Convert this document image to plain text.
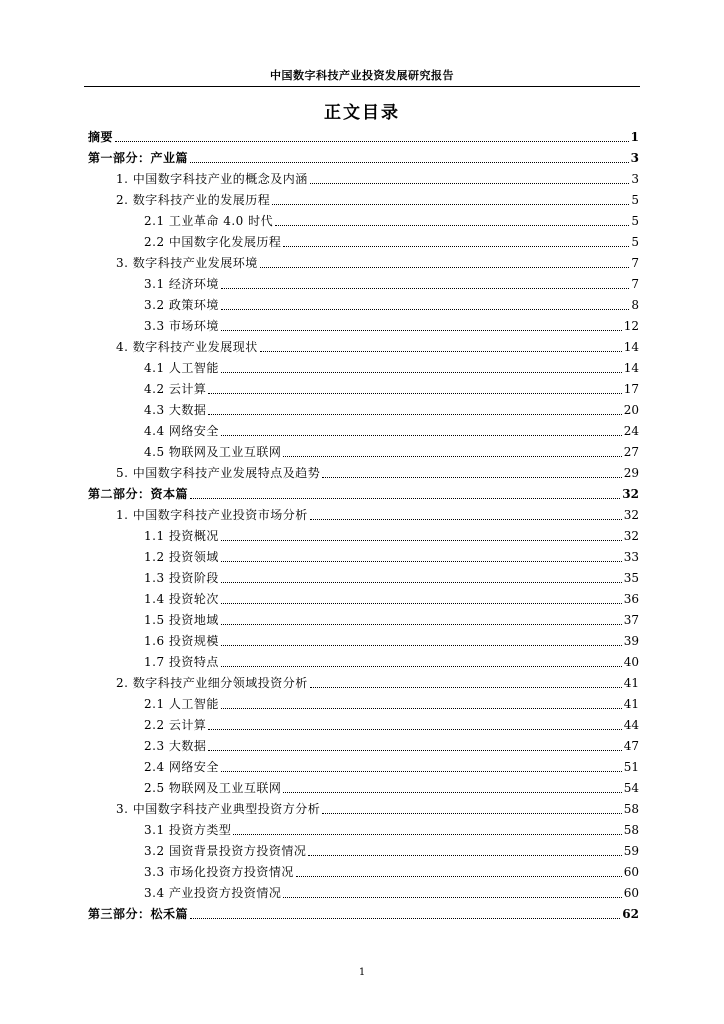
中国数字科技产业投资发展研究报告
正文目录
摘要	1
第一部分：产业篇	3
1. 中国数字科技产业的概念及内涵	3
2. 数字科技产业的发展历程	5
2.1 工业革命 4.0 时代	5
2.2 中国数字化发展历程	5
3. 数字科技产业发展环境	7
3.1 经济环境	7
3.2 政策环境	8
3.3 市场环境	12
4. 数字科技产业发展现状	14
4.1 人工智能	14
4.2 云计算	17
4.3 大数据	20
4.4 网络安全	24
4.5 物联网及工业互联网	27
5. 中国数字科技产业发展特点及趋势	29
第二部分：资本篇	32
1. 中国数字科技产业投资市场分析	32
1.1 投资概况	32
1.2 投资领域	33
1.3 投资阶段	35
1.4 投资轮次	36
1.5 投资地域	37
1.6 投资规模	39
1.7 投资特点	40
2. 数字科技产业细分领域投资分析	41
2.1 人工智能	41
2.2 云计算	44
2.3 大数据	47
2.4 网络安全	51
2.5 物联网及工业互联网	54
3. 中国数字科技产业典型投资方分析	58
3.1 投资方类型	58
3.2 国资背景投资方投资情况	59
3.3 市场化投资方投资情况	60
3.4 产业投资方投资情况	60
第三部分：松禾篇	62
1
